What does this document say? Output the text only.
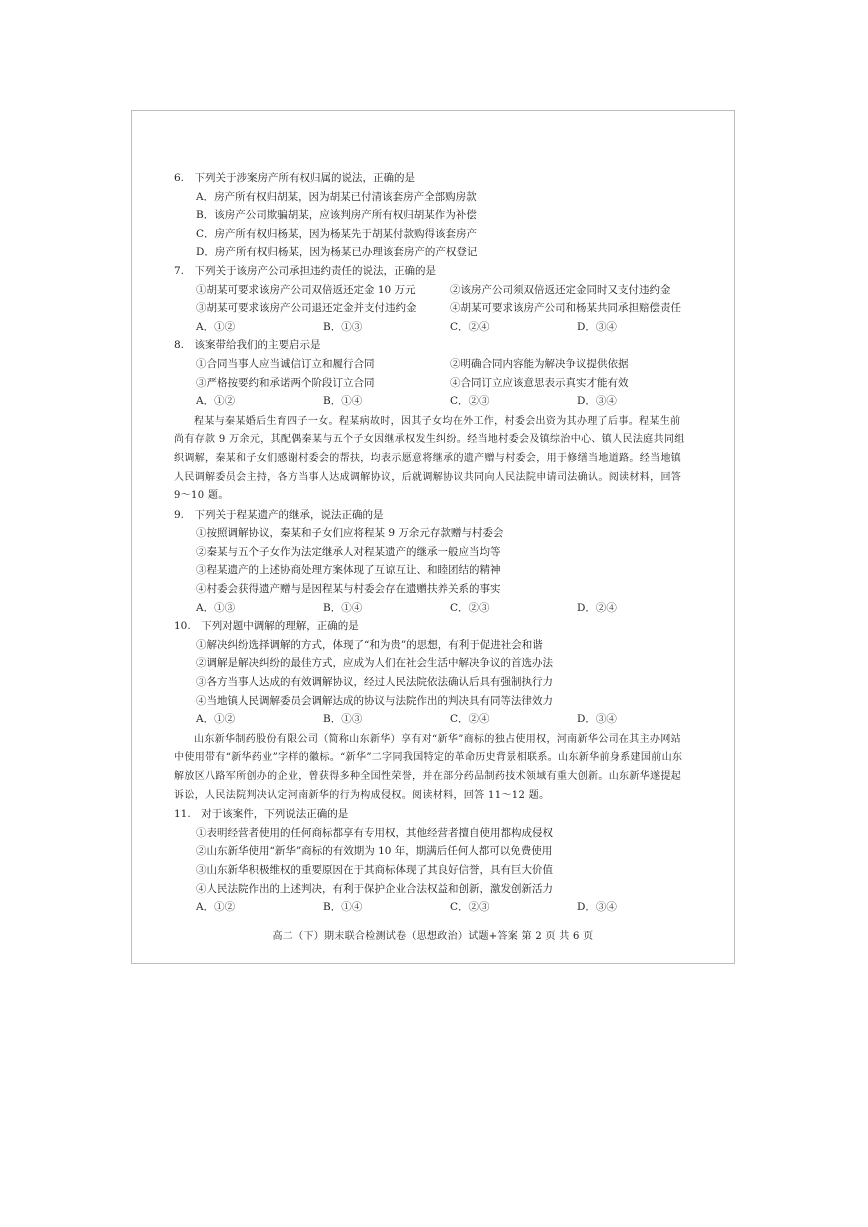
6.　下列关于涉案房产所有权归属的说法，正确的是
A．房产所有权归胡某，因为胡某已付清该套房产全部购房款
B．该房产公司欺骗胡某，应该判房产所有权归胡某作为补偿
C．房产所有权归杨某，因为杨某先于胡某付款购得该套房产
D．房产所有权归杨某，因为杨某已办理该套房产的产权登记
7.　下列关于该房产公司承担违约责任的说法，正确的是
①胡某可要求该房产公司双倍返还定金 10 万元	②该房产公司须双倍返还定金同时又支付违约金
③胡某可要求该房产公司退还定金并支付违约金	④胡某可要求该房产公司和杨某共同承担赔偿责任
A．①②	B．①③	C．②④	D．③④
8.　该案带给我们的主要启示是
①合同当事人应当诚信订立和履行合同	②明确合同内容能为解决争议提供依据
③严格按要约和承诺两个阶段订立合同	④合同订立应该意思表示真实才能有效
A．①②	B．①④	C．②③	D．③④

程某与秦某婚后生育四子一女。程某病故时，因其子女均在外工作，村委会出资为其办理了后事。程某生前尚有存款 9 万余元，其配偶秦某与五个子女因继承权发生纠纷。经当地村委会及镇综治中心、镇人民法庭共同组织调解，秦某和子女们感谢村委会的帮扶，均表示愿意将继承的遗产赠与村委会，用于修缮当地道路。经当地镇人民调解委员会主持，各方当事人达成调解协议，后就调解协议共同向人民法院申请司法确认。阅读材料，回答 9～10 题。

9.　下列关于程某遗产的继承，说法正确的是
①按照调解协议，秦某和子女们应将程某 9 万余元存款赠与村委会
②秦某与五个子女作为法定继承人对程某遗产的继承一般应当均等
③程某遗产的上述协商处理方案体现了互谅互让、和睦团结的精神
④村委会获得遗产赠与是因程某与村委会存在遗赠扶养关系的事实
A．①③	B．①④	C．②③	D．②④
10.　下列对题中调解的理解，正确的是
①解决纠纷选择调解的方式，体现了“和为贵”的思想，有利于促进社会和谐
②调解是解决纠纷的最佳方式，应成为人们在社会生活中解决争议的首选办法
③各方当事人达成的有效调解协议，经过人民法院依法确认后具有强制执行力
④当地镇人民调解委员会调解达成的协议与法院作出的判决具有同等法律效力
A．①②	B．①③	C．②④	D．③④

山东新华制药股份有限公司（简称山东新华）享有对“新华”商标的独占使用权，河南新华公司在其主办网站中使用带有“新华药业”字样的徽标。“新华”二字同我国特定的革命历史背景相联系。山东新华前身系建国前山东解放区八路军所创办的企业，曾获得多种全国性荣誉，并在部分药品制药技术领域有重大创新。山东新华遂提起诉讼，人民法院判决认定河南新华的行为构成侵权。阅读材料，回答 11～12 题。

11.　对于该案件，下列说法正确的是
①表明经营者使用的任何商标都享有专用权，其他经营者擅自使用都构成侵权
②山东新华使用“新华”商标的有效期为 10 年，期满后任何人都可以免费使用
③山东新华积极维权的重要原因在于其商标体现了其良好信誉，具有巨大价值
④人民法院作出的上述判决，有利于保护企业合法权益和创新，激发创新活力
A．①②	B．①④	C．②③	D．③④
高二（下）期末联合检测试卷（思想政治）试题+答案 第 2 页 共 6 页
